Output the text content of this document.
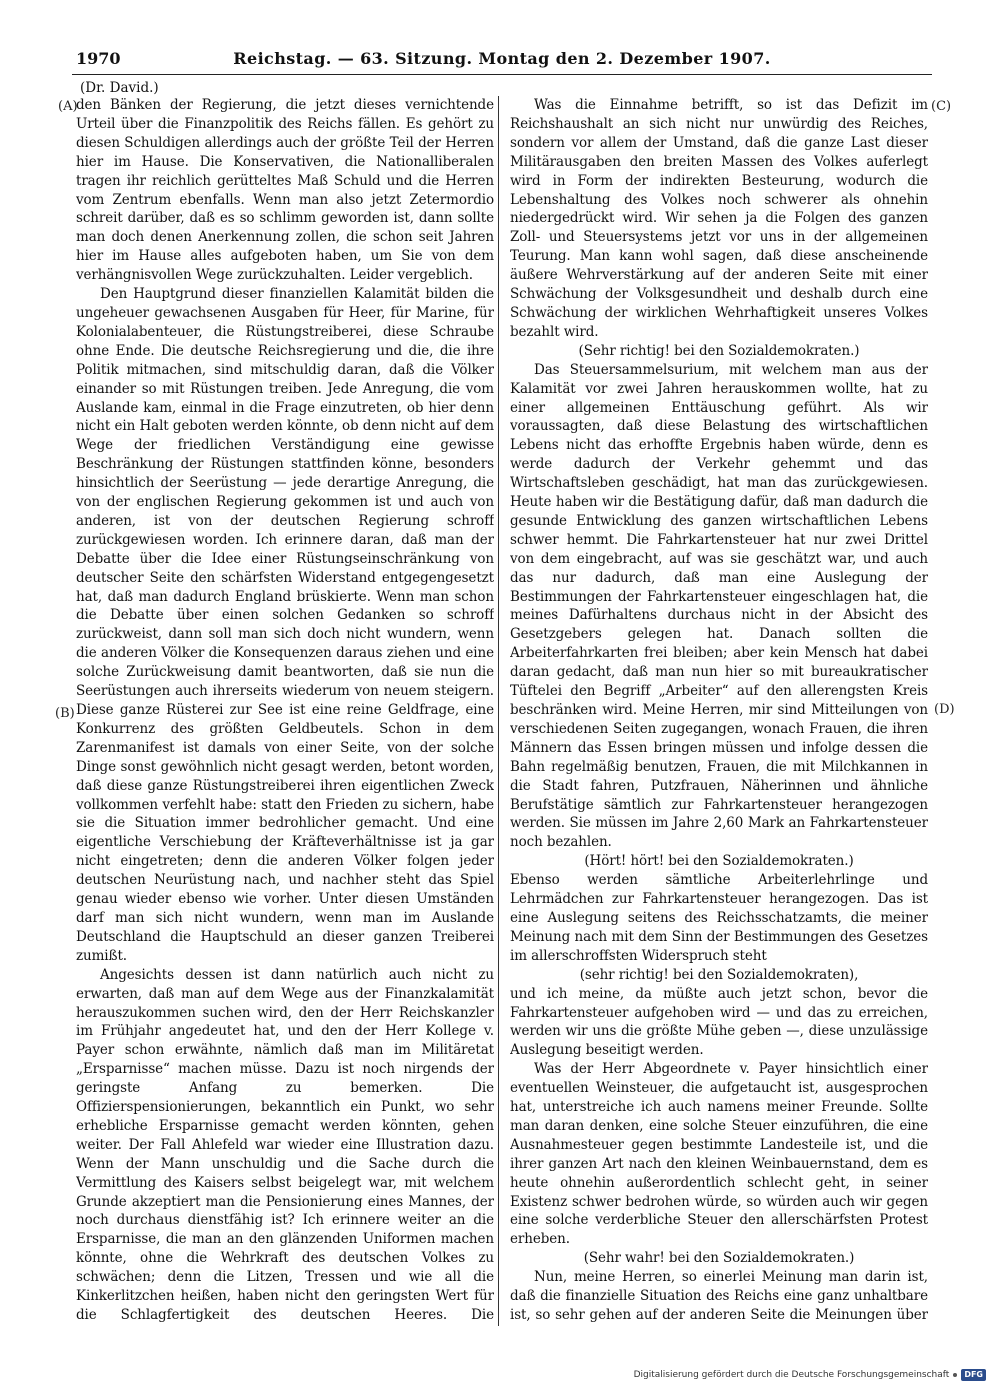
1970	Reichstag. — 63. Sitzung. Montag den 2. Dezember 1907.
(Dr. David.)
(A)
(B)
(C)
(D)

den Bänken der Regierung, die jetzt dieses vernichtende Urteil über die Finanzpolitik des Reichs fällen. Es gehört zu diesen Schuldigen allerdings auch der größte Teil der Herren hier im Hause. Die Konservativen, die Nationalliberalen tragen ihr reichlich gerütteltes Maß Schuld und die Herren vom Zentrum ebenfalls. Wenn man also jetzt Zetermordio schreit darüber, daß es so schlimm geworden ist, dann sollte man doch denen Anerkennung zollen, die schon seit Jahren hier im Hause alles aufgeboten haben, um Sie von dem verhängnisvollen Wege zurückzuhalten. Leider vergeblich.

Den Hauptgrund dieser finanziellen Kalamität bilden die ungeheuer gewachsenen Ausgaben für Heer, für Marine, für Kolonialabenteuer, die Rüstungstreiberei, diese Schraube ohne Ende. Die deutsche Reichsregierung und die, die ihre Politik mitmachen, sind mitschuldig daran, daß die Völker einander so mit Rüstungen treiben. Jede Anregung, die vom Auslande kam, einmal in die Frage einzutreten, ob hier denn nicht ein Halt geboten werden könnte, ob denn nicht auf dem Wege der friedlichen Verständigung eine gewisse Beschränkung der Rüstungen stattfinden könne, besonders hinsichtlich der Seerüstung — jede derartige Anregung, die von der englischen Regierung gekommen ist und auch von anderen, ist von der deutschen Regierung schroff zurückgewiesen worden. Ich erinnere daran, daß man der Debatte über die Idee einer Rüstungseinschränkung von deutscher Seite den schärfsten Widerstand entgegengesetzt hat, daß man dadurch England brüskierte. Wenn man schon die Debatte über einen solchen Gedanken so schroff zurückweist, dann soll man sich doch nicht wundern, wenn die anderen Völker die Konsequenzen daraus ziehen und eine solche Zurückweisung damit beantworten, daß sie nun die Seerüstungen auch ihrerseits wiederum von neuem steigern. Diese ganze Rüsterei zur See ist eine reine Geldfrage, eine Konkurrenz des größten Geldbeutels. Schon in dem Zarenmanifest ist damals von einer Seite, von der solche Dinge sonst gewöhnlich nicht gesagt werden, betont worden, daß diese ganze Rüstungstreiberei ihren eigentlichen Zweck vollkommen verfehlt habe: statt den Frieden zu sichern, habe sie die Situation immer bedrohlicher gemacht. Und eine eigentliche Verschiebung der Kräfteverhältnisse ist ja gar nicht eingetreten; denn die anderen Völker folgen jeder deutschen Neurüstung nach, und nachher steht das Spiel genau wieder ebenso wie vorher. Unter diesen Umständen darf man sich nicht wundern, wenn man im Auslande Deutschland die Hauptschuld an dieser ganzen Treiberei zumißt.

Angesichts dessen ist dann natürlich auch nicht zu erwarten, daß man auf dem Wege aus der Finanzkalamität herauszukommen suchen wird, den der Herr Reichskanzler im Frühjahr angedeutet hat, und den der Herr Kollege v. Payer schon erwähnte, nämlich daß man im Militäretat „Ersparnisse“ machen müsse. Dazu ist noch nirgends der geringste Anfang zu bemerken. Die Offizierspensionierungen, bekanntlich ein Punkt, wo sehr erhebliche Ersparnisse gemacht werden könnten, gehen weiter. Der Fall Ahlefeld war wieder eine Illustration dazu. Wenn der Mann unschuldig und die Sache durch die Vermittlung des Kaisers selbst beigelegt war, mit welchem Grunde akzeptiert man die Pensionierung eines Mannes, der noch durchaus dienstfähig ist? Ich erinnere weiter an die Ersparnisse, die man an den glänzenden Uniformen machen könnte, ohne die Wehrkraft des deutschen Volkes zu schwächen; denn die Litzen, Tressen und wie all die Kinkerlitzchen heißen, haben nicht den geringsten Wert für die Schlagfertigkeit des deutschen Heeres. Die

Was die Einnahme betrifft, so ist das Defizit im Reichshaushalt an sich nicht nur unwürdig des Reiches, sondern vor allem der Umstand, daß die ganze Last dieser Militärausgaben den breiten Massen des Volkes auferlegt wird in Form der indirekten Besteurung, wodurch die Lebenshaltung des Volkes noch schwerer als ohnehin niedergedrückt wird. Wir sehen ja die Folgen des ganzen Zoll- und Steuersystems jetzt vor uns in der allgemeinen Teurung. Man kann wohl sagen, daß diese anscheinende äußere Wehrverstärkung auf der anderen Seite mit einer Schwächung der Volksgesundheit und deshalb durch eine Schwächung der wirklichen Wehrhaftigkeit unseres Volkes bezahlt wird.

(Sehr richtig! bei den Sozialdemokraten.)

Das Steuersammelsurium, mit welchem man aus der Kalamität vor zwei Jahren herauskommen wollte, hat zu einer allgemeinen Enttäuschung geführt. Als wir voraussagten, daß diese Belastung des wirtschaftlichen Lebens nicht das erhoffte Ergebnis haben würde, denn es werde dadurch der Verkehr gehemmt und das Wirtschaftsleben geschädigt, hat man das zurückgewiesen. Heute haben wir die Bestätigung dafür, daß man dadurch die gesunde Entwicklung des ganzen wirtschaftlichen Lebens schwer hemmt. Die Fahrkartensteuer hat nur zwei Drittel von dem eingebracht, auf was sie geschätzt war, und auch das nur dadurch, daß man eine Auslegung der Bestimmungen der Fahrkartensteuer eingeschlagen hat, die meines Dafürhaltens durchaus nicht in der Absicht des Gesetzgebers gelegen hat. Danach sollten die Arbeiterfahrkarten frei bleiben; aber kein Mensch hat dabei daran gedacht, daß man nun hier so mit bureaukratischer Tüftelei den Begriff „Arbeiter“ auf den allerengsten Kreis beschränken wird. Meine Herren, mir sind Mitteilungen von verschiedenen Seiten zugegangen, wonach Frauen, die ihren Männern das Essen bringen müssen und infolge dessen die Bahn regelmäßig benutzen, Frauen, die mit Milchkannen in die Stadt fahren, Putzfrauen, Näherinnen und ähnliche Berufstätige sämtlich zur Fahrkartensteuer herangezogen werden. Sie müssen im Jahre 2,60 Mark an Fahrkartensteuer noch bezahlen.

(Hört! hört! bei den Sozialdemokraten.)

Ebenso werden sämtliche Arbeiterlehrlinge und Lehrmädchen zur Fahrkartensteuer herangezogen. Das ist eine Auslegung seitens des Reichsschatzamts, die meiner Meinung nach mit dem Sinn der Bestimmungen des Gesetzes im allerschroffsten Widerspruch steht

(sehr richtig! bei den Sozialdemokraten),

und ich meine, da müßte auch jetzt schon, bevor die Fahrkartensteuer aufgehoben wird — und das zu erreichen, werden wir uns die größte Mühe geben —, diese unzulässige Auslegung beseitigt werden.

Was der Herr Abgeordnete v. Payer hinsichtlich einer eventuellen Weinsteuer, die aufgetaucht ist, ausgesprochen hat, unterstreiche ich auch namens meiner Freunde. Sollte man daran denken, eine solche Steuer einzuführen, die eine Ausnahmesteuer gegen bestimmte Landesteile ist, und die ihrer ganzen Art nach den kleinen Weinbauernstand, dem es heute ohnehin außerordentlich schlecht geht, in seiner Existenz schwer bedrohen würde, so würden auch wir gegen eine solche verderbliche Steuer den allerschärfsten Protest erheben.

(Sehr wahr! bei den Sozialdemokraten.)

Nun, meine Herren, so einerlei Meinung man darin ist, daß die finanzielle Situation des Reichs eine ganz unhaltbare ist, so sehr gehen auf der anderen Seite die Meinungen über

Digitalisierung gefördert durch die Deutsche Forschungsgemeinschaft	DFG
